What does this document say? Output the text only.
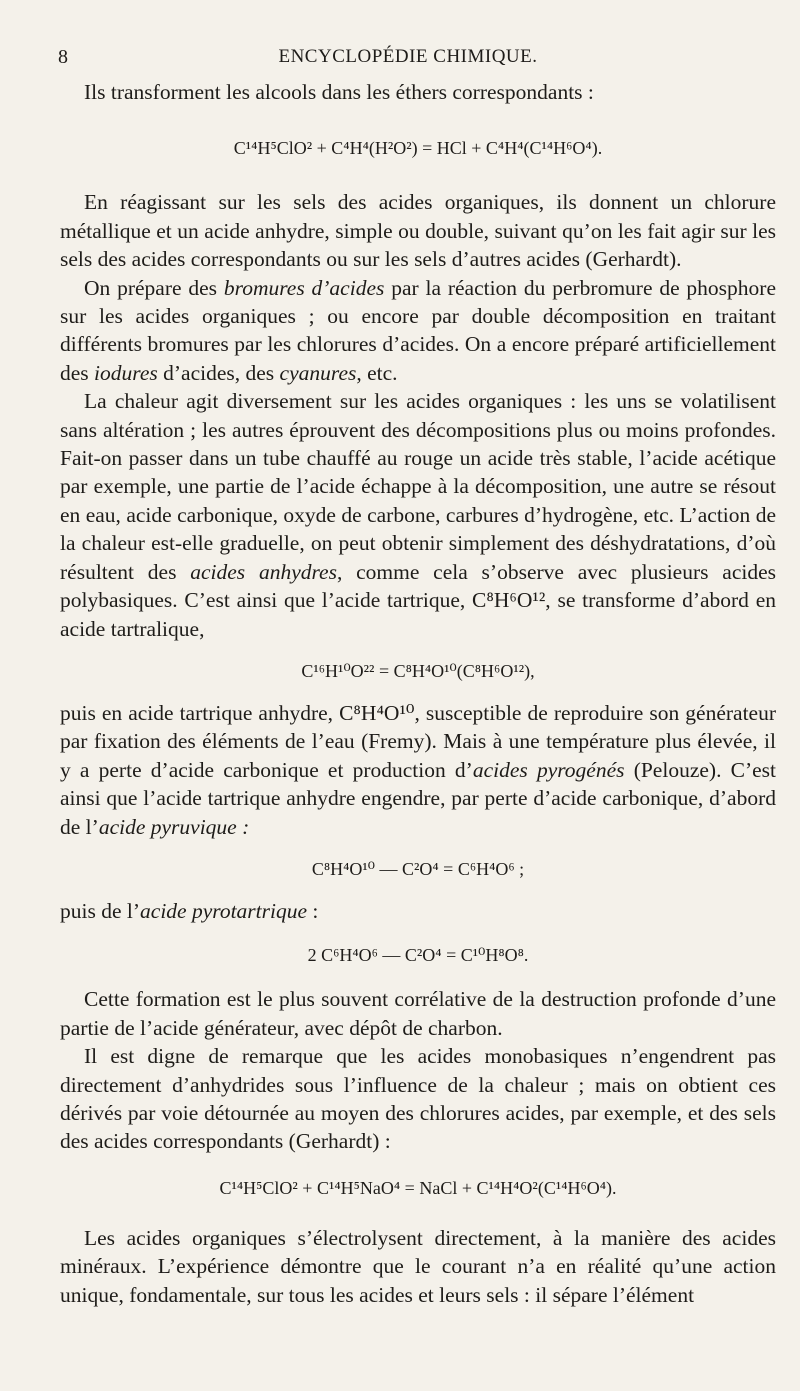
8	ENCYCLOPÉDIE CHIMIQUE.

Ils transforment les alcools dans les éthers correspondants :

C¹⁴H⁵ClO² + C⁴H⁴(H²O²) = HCl + C⁴H⁴(C¹⁴H⁶O⁴).

En réagissant sur les sels des acides organiques, ils donnent un chlorure métallique et un acide anhydre, simple ou double, suivant qu’on les fait agir sur les sels des acides correspondants ou sur les sels d’autres acides (Gerhardt).

On prépare des bromures d’acides par la réaction du perbromure de phosphore sur les acides organiques ; ou encore par double décomposition en traitant différents bromures par les chlorures d’acides. On a encore préparé artificiellement des iodures d’acides, des cyanures, etc.

La chaleur agit diversement sur les acides organiques : les uns se volatilisent sans altération ; les autres éprouvent des décompositions plus ou moins profondes. Fait-on passer dans un tube chauffé au rouge un acide très stable, l’acide acétique par exemple, une partie de l’acide échappe à la décomposition, une autre se résout en eau, acide carbonique, oxyde de carbone, carbures d’hydrogène, etc. L’action de la chaleur est-elle graduelle, on peut obtenir simplement des déshydratations, d’où résultent des acides anhydres, comme cela s’observe avec plusieurs acides polybasiques. C’est ainsi que l’acide tartrique, C⁸H⁶O¹², se transforme d’abord en acide tartralique,

C¹⁶H¹⁰O²² = C⁸H⁴O¹⁰(C⁸H⁶O¹²),

puis en acide tartrique anhydre, C⁸H⁴O¹⁰, susceptible de reproduire son générateur par fixation des éléments de l’eau (Fremy). Mais à une température plus élevée, il y a perte d’acide carbonique et production d’acides pyrogénés (Pelouze). C’est ainsi que l’acide tartrique anhydre engendre, par perte d’acide carbonique, d’abord de l’acide pyruvique :

C⁸H⁴O¹⁰ — C²O⁴ = C⁶H⁴O⁶ ;

puis de l’acide pyrotartrique :

2 C⁶H⁴O⁶ — C²O⁴ = C¹⁰H⁸O⁸.

Cette formation est le plus souvent corrélative de la destruction profonde d’une partie de l’acide générateur, avec dépôt de charbon.

Il est digne de remarque que les acides monobasiques n’engendrent pas directement d’anhydrides sous l’influence de la chaleur ; mais on obtient ces dérivés par voie détournée au moyen des chlorures acides, par exemple, et des sels des acides correspondants (Gerhardt) :

C¹⁴H⁵ClO² + C¹⁴H⁵NaO⁴ = NaCl + C¹⁴H⁴O²(C¹⁴H⁶O⁴).

Les acides organiques s’électrolysent directement, à la manière des acides minéraux. L’expérience démontre que le courant n’a en réalité qu’une action unique, fondamentale, sur tous les acides et leurs sels : il sépare l’élément
